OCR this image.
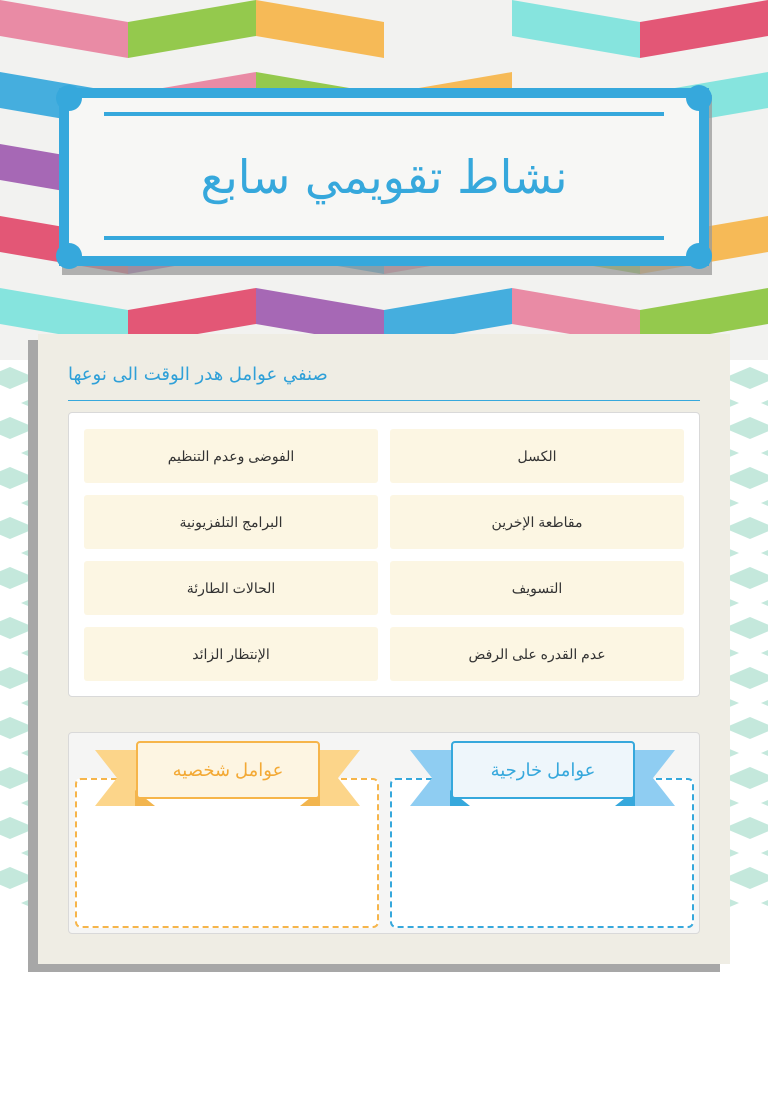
نشاط تقويمي سابع
صنفي عوامل هدر الوقت الى نوعها
الكسل
الفوضى وعدم التنظيم
مقاطعة الإخرين
البرامج التلفزيونية
التسويف
الحالات الطارئة
عدم القدره على الرفض
الإنتظار الزائد
عوامل شخصيه	عوامل خارجية
